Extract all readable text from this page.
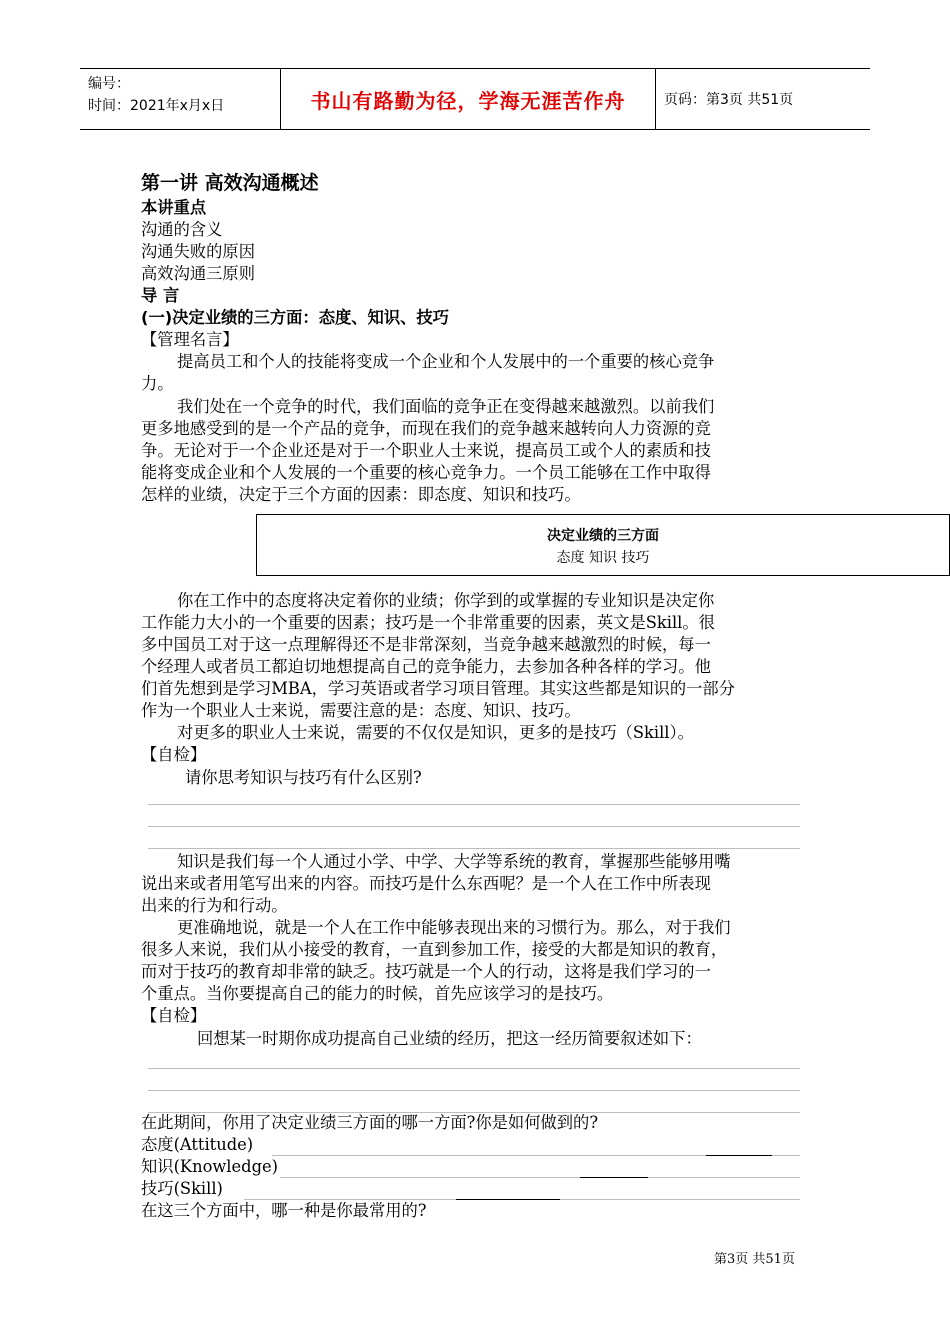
编号：
时间：2021年x月x日	书山有路勤为径，学海无涯苦作舟	页码：第3页 共51页
第一讲 高效沟通概述
本讲重点
沟通的含义
沟通失败的原因
高效沟通三原则
导 言
(一)决定业绩的三方面：态度、知识、技巧
【管理名言】
提高员工和个人的技能将变成一个企业和个人发展中的一个重要的核心竞争
力。
我们处在一个竞争的时代，我们面临的竞争正在变得越来越激烈。以前我们
更多地感受到的是一个产品的竞争，而现在我们的竞争越来越转向人力资源的竞
争。无论对于一个企业还是对于一个职业人士来说，提高员工或个人的素质和技
能将变成企业和个人发展的一个重要的核心竞争力。一个员工能够在工作中取得
怎样的业绩，决定于三个方面的因素：即态度、知识和技巧。
你在工作中的态度将决定着你的业绩；你学到的或掌握的专业知识是决定你
工作能力大小的一个重要的因素；技巧是一个非常重要的因素，英文是Skill。很
多中国员工对于这一点理解得还不是非常深刻，当竞争越来越激烈的时候，每一
个经理人或者员工都迫切地想提高自己的竞争能力，去参加各种各样的学习。他
们首先想到是学习MBA，学习英语或者学习项目管理。其实这些都是知识的一部分
作为一个职业人士来说，需要注意的是：态度、知识、技巧。
对更多的职业人士来说，需要的不仅仅是知识，更多的是技巧（Skill）。
【自检】
请你思考知识与技巧有什么区别?
知识是我们每一个人通过小学、中学、大学等系统的教育，掌握那些能够用嘴
说出来或者用笔写出来的内容。而技巧是什么东西呢？是一个人在工作中所表现
出来的行为和行动。
更准确地说，就是一个人在工作中能够表现出来的习惯行为。那么，对于我们
很多人来说，我们从小接受的教育，一直到参加工作，接受的大都是知识的教育，
而对于技巧的教育却非常的缺乏。技巧就是一个人的行动，这将是我们学习的一
个重点。当你要提高自己的能力的时候，首先应该学习的是技巧。
【自检】
回想某一时期你成功提高自己业绩的经历，把这一经历简要叙述如下：
在此期间，你用了决定业绩三方面的哪一方面?你是如何做到的?
态度(Attitude)
知识(Knowledge)
技巧(Skill)
在这三个方面中，哪一种是你最常用的?
决定业绩的三方面
态度 知识 技巧
第3页 共51页
